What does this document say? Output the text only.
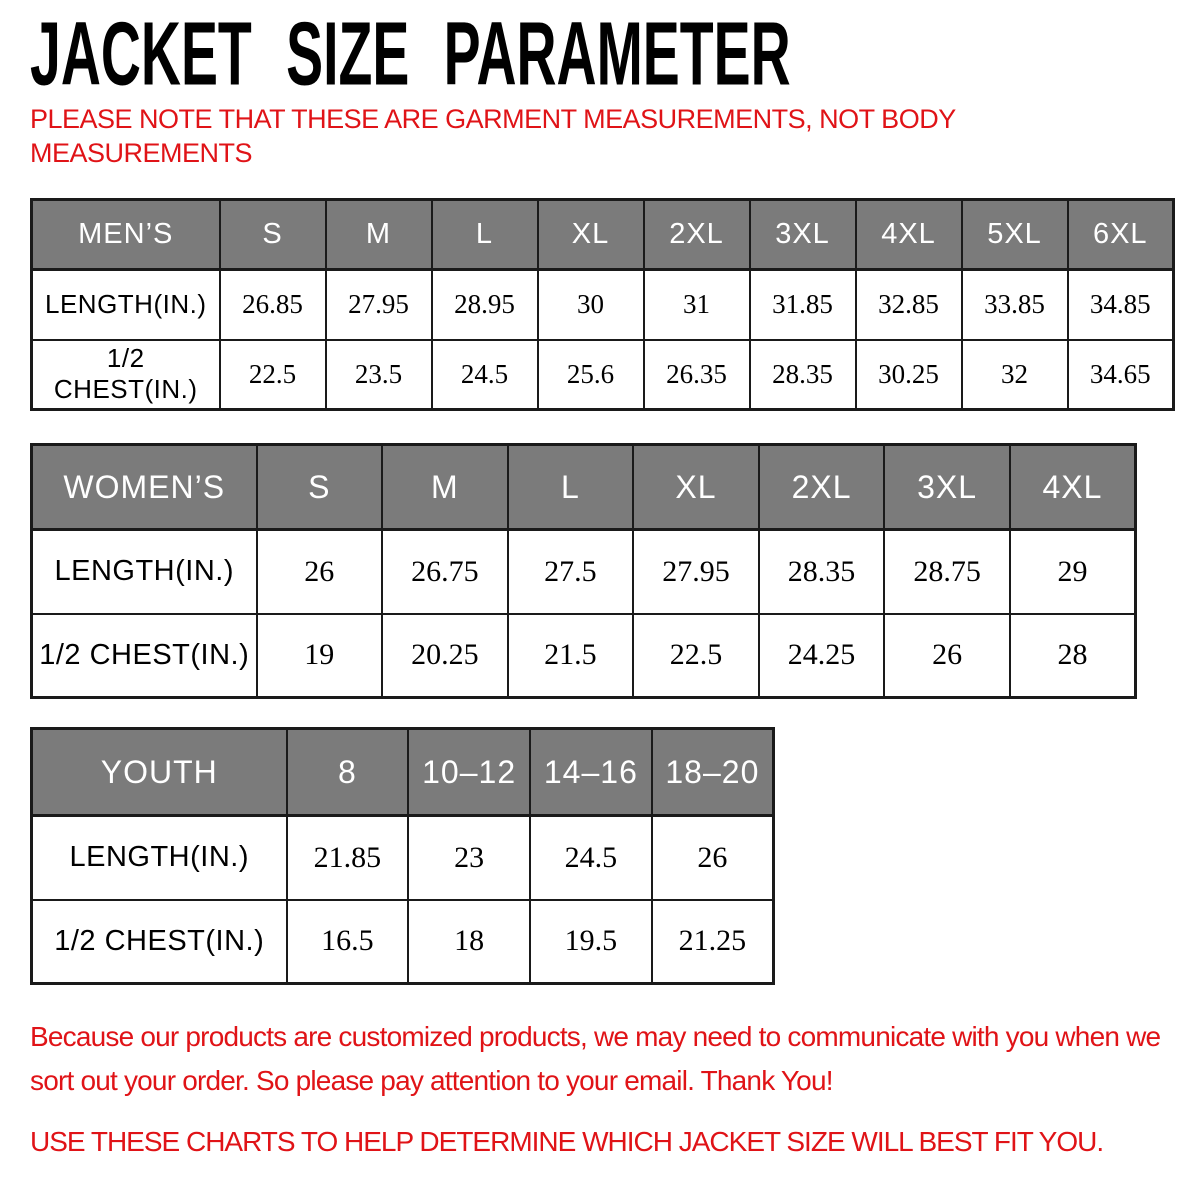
JACKET SIZE PARAMETER

PLEASE NOTE THAT THESE ARE GARMENT MEASUREMENTS, NOT BODY MEASUREMENTS

MEN’S	S	M	L	XL	2XL	3XL	4XL	5XL	6XL
LENGTH(IN.)	26.85	27.95	28.95	30	31	31.85	32.85	33.85	34.85
1/2 CHEST(IN.)	22.5	23.5	24.5	25.6	26.35	28.35	30.25	32	34.65
WOMEN’S	S	M	L	XL	2XL	3XL	4XL
LENGTH(IN.)	26	26.75	27.5	27.95	28.35	28.75	29
1/2 CHEST(IN.)	19	20.25	21.5	22.5	24.25	26	28
YOUTH	8	10–12	14–16	18–20
LENGTH(IN.)	21.85	23	24.5	26
1/2 CHEST(IN.)	16.5	18	19.5	21.25

Because our products are customized products, we may need to communicate with you when we sort out your order. So please pay attention to your email. Thank You!

USE THESE CHARTS TO HELP DETERMINE WHICH JACKET SIZE WILL BEST FIT YOU.
